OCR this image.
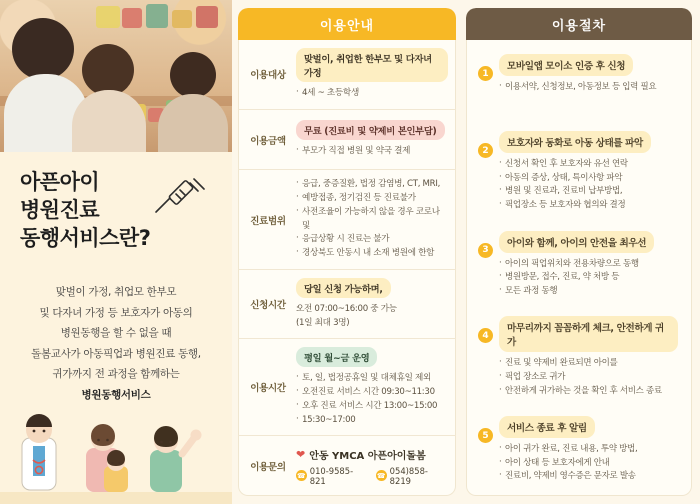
아픈아이
병원진료
동행서비스란?
맞벌이 가정, 취업모 한부모
및 다자녀 가정 등 보호자가 아동의
병원동행을 할 수 없을 때
돌봄교사가 아동픽업과 병원진료 동행,
귀가까지 전 과정을 함께하는
병원동행서비스
이용안내
이용대상
맞벌이, 취업한 한부모 및 다자녀 가정
· 4세 ~ 초등학생
이용금액
무료 (진료비 및 약제비 본인부담)
· 부모가 직접 병원 및 약국 결제
진료범위
· 응급, 중증질환, 법정 감염병, CT, MRI,
· 예방접종, 정기검진 등 진료불가
· 사전조율이 가능하지 않을 경우 코로나 및
· 응급상황 시 진료는 불가
· 경상북도 안동시 내 소재 병원에 한함
신청시간
당일 신청 가능하며,
· 오전 07:00~16:00 중 가능
· (1일 최대 3명)
이용시간
평일 월~금 운영
· 토, 일, 법정공휴일 및 대체휴일 제외
· 오전진료 서비스 시간 09:30~11:30
· 오후 진료 서비스 시간 13:00~15:00
· 15:30~17:00
이용문의
❤ 안동 YMCA 아픈아이돌봄
☎ 010-9585-821	☎ 054)858-8219
이용절차
1
모바일앱 모이소 인증 후 신청
· 이용서약, 신청정보, 아동정보 등 입력 필요
2
보호자와 동화로 아동 상태를 파악
· 신청서 확인 후 보호자와 유선 연락
· 아동의 증상, 상태, 특이사항 파악
· 병원 및 진료과, 진료비 납부방법,
· 픽업장소 등 보호자와 협의와 결정
3
아이와 함께, 아이의 안전을 최우선
· 아이의 픽업위치와 전용차량으로 동행
· 병원방문, 접수, 진료, 약 처방 등
· 모든 과정 동행
4
마무리까지 꼼꼼하게 체크, 안전하게 귀가
· 진료 및 약제비 완료되면 아이를
· 픽업 장소로 귀가
· 안전하게 귀가하는 것을 확인 후 서비스 종료
5
서비스 종료 후 알림
· 아이 귀가 완료, 진료 내용, 투약 방법,
· 아이 상태 등 보호자에게 안내
· 진료비, 약제비 영수증은 문자로 발송
